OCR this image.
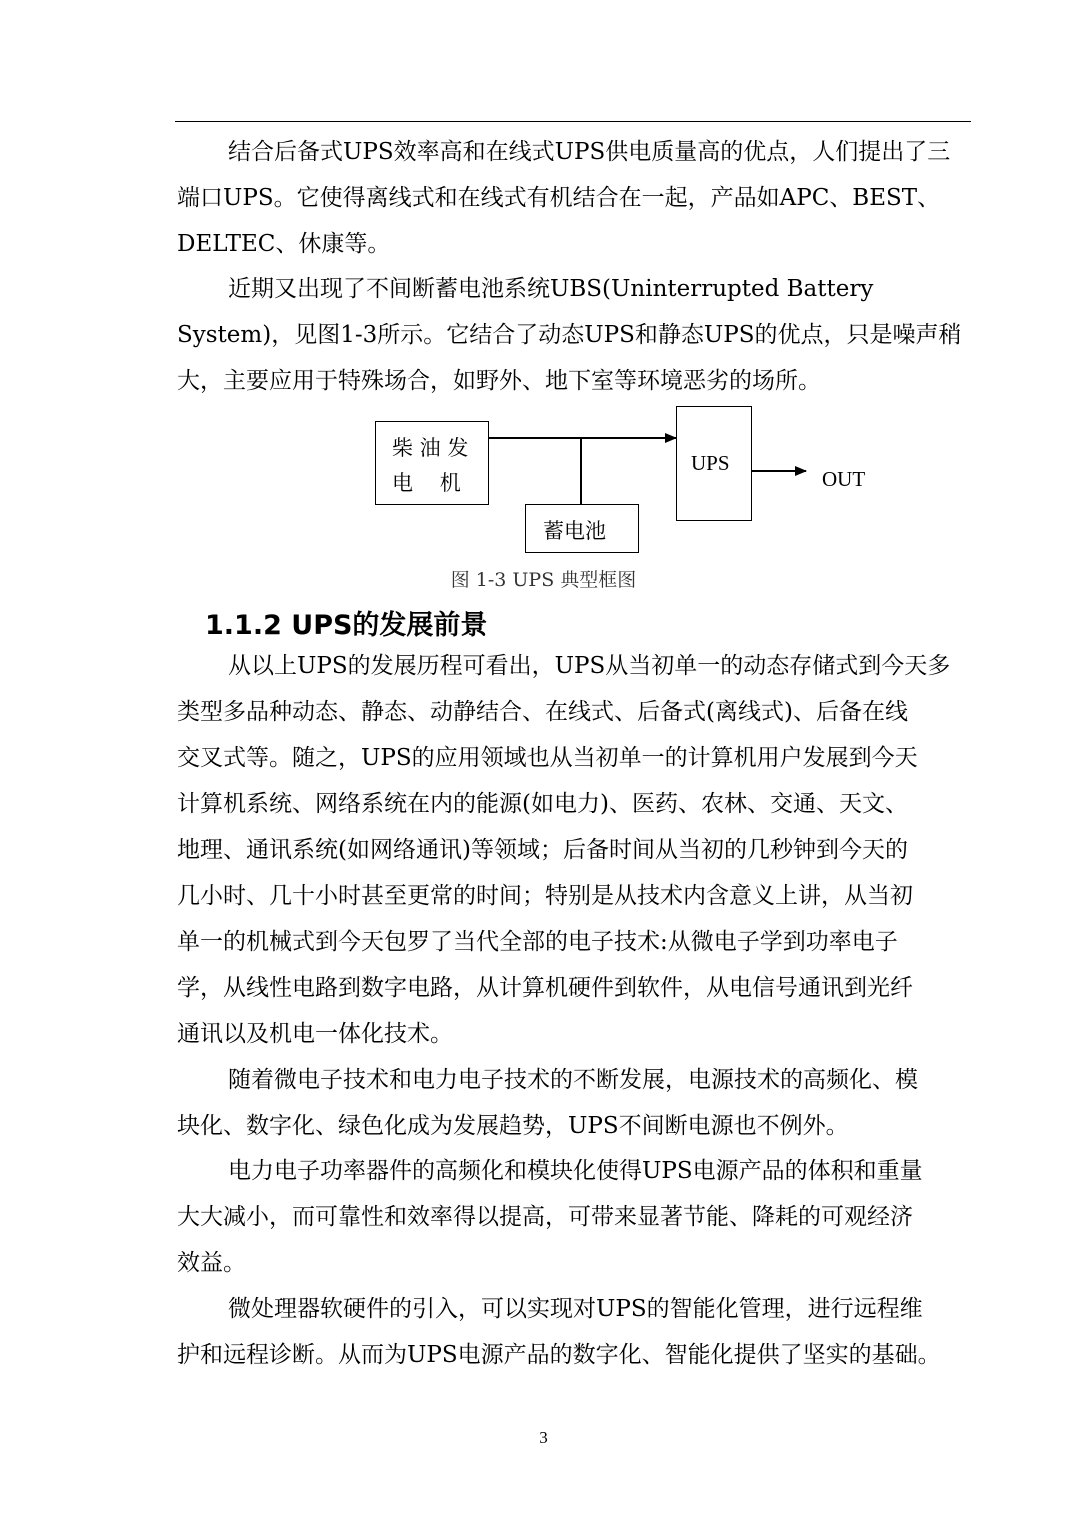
结合后备式UPS效率高和在线式UPS供电质量高的优点，人们提出了三
端口UPS。它使得离线式和在线式有机结合在一起，产品如APC、BEST、
DELTEC、休康等。
近期又出现了不间断蓄电池系统UBS(Uninterrupted Battery
System)，见图1-3所示。它结合了动态UPS和静态UPS的优点，只是噪声稍
大，主要应用于特殊场合，如野外、地下室等环境恶劣的场所。
柴 油 发
电    机
蓄电池
UPS
OUT
图 1-3 UPS 典型框图
1.1.2 UPS的发展前景
从以上UPS的发展历程可看出，UPS从当初单一的动态存储式到今天多
类型多品种动态、静态、动静结合、在线式、后备式(离线式)、后备在线
交叉式等。随之，UPS的应用领域也从当初单一的计算机用户发展到今天
计算机系统、网络系统在内的能源(如电力)、医药、农林、交通、天文、
地理、通讯系统(如网络通讯)等领域；后备时间从当初的几秒钟到今天的
几小时、几十小时甚至更常的时间；特别是从技术内含意义上讲，从当初
单一的机械式到今天包罗了当代全部的电子技术:从微电子学到功率电子
学，从线性电路到数字电路，从计算机硬件到软件，从电信号通讯到光纤
通讯以及机电一体化技术。
随着微电子技术和电力电子技术的不断发展，电源技术的高频化、模
块化、数字化、绿色化成为发展趋势，UPS不间断电源也不例外。
电力电子功率器件的高频化和模块化使得UPS电源产品的体积和重量
大大减小，而可靠性和效率得以提高，可带来显著节能、降耗的可观经济
效益。
微处理器软硬件的引入，可以实现对UPS的智能化管理，进行远程维
护和远程诊断。从而为UPS电源产品的数字化、智能化提供了坚实的基础。
3
